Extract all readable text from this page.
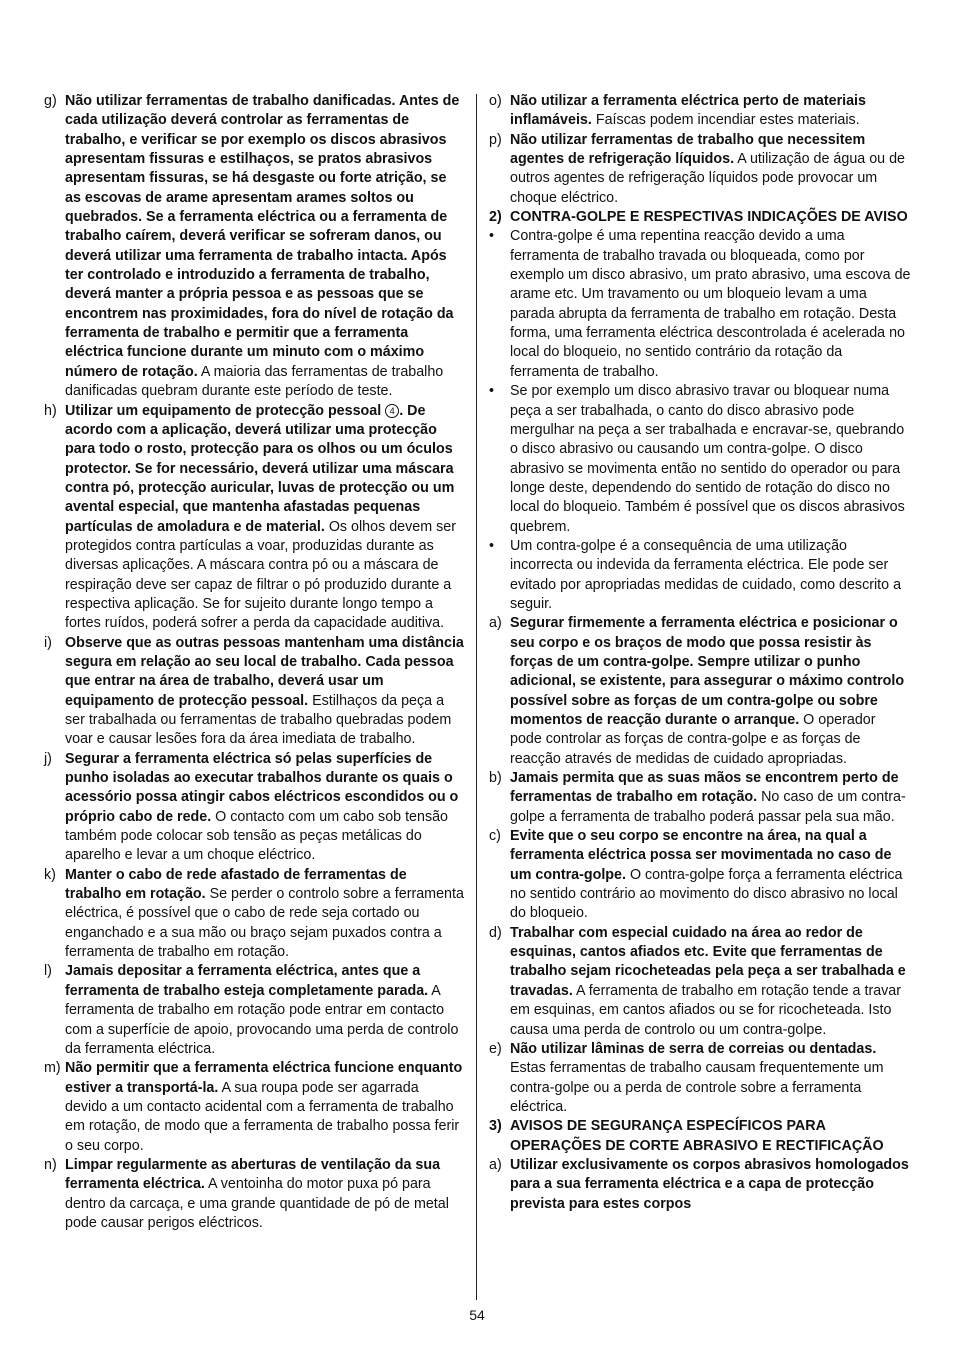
g) Não utilizar ferramentas de trabalho danificadas. Antes de cada utilização deverá controlar as ferramentas de trabalho, e verificar se por exemplo os discos abrasivos apresentam fissuras e estilhaços, se pratos abrasivos apresentam fissuras, se há desgaste ou forte atrição, se as escovas de arame apresentam arames soltos ou quebrados. Se a ferramenta eléctrica ou a ferramenta de trabalho caírem, deverá verificar se sofreram danos, ou deverá utilizar uma ferramenta de trabalho intacta. Após ter controlado e introduzido a ferramenta de trabalho, deverá manter a própria pessoa e as pessoas que se encontrem nas proximidades, fora do nível de rotação da ferramenta de trabalho e permitir que a ferramenta eléctrica funcione durante um minuto com o máximo número de rotação. A maioria das ferramentas de trabalho danificadas quebram durante este período de teste.
h) Utilizar um equipamento de protecção pessoal 4 . De acordo com a aplicação, deverá utilizar uma protecção para todo o rosto, protecção para os olhos ou um óculos protector. Se for necessário, deverá utilizar uma máscara contra pó, protecção auricular, luvas de protecção ou um avental especial, que mantenha afastadas pequenas partículas de amoladura e de material. Os olhos devem ser protegidos contra partículas a voar, produzidas durante as diversas aplicações. A máscara contra pó ou a máscara de respiração deve ser capaz de filtrar o pó produzido durante a respectiva aplicação. Se for sujeito durante longo tempo a fortes ruídos, poderá sofrer a perda da capacidade auditiva.
i) Observe que as outras pessoas mantenham uma distância segura em relação ao seu local de trabalho. Cada pessoa que entrar na área de trabalho, deverá usar um equipamento de protecção pessoal. Estilhaços da peça a ser trabalhada ou ferramentas de trabalho quebradas podem voar e causar lesões fora da área imediata de trabalho.
j) Segurar a ferramenta eléctrica só pelas superfícies de punho isoladas ao executar trabalhos durante os quais o acessório possa atingir cabos eléctricos escondidos ou o próprio cabo de rede. O contacto com um cabo sob tensão também pode colocar sob tensão as peças metálicas do aparelho e levar a um choque eléctrico.
k) Manter o cabo de rede afastado de ferramentas de trabalho em rotação. Se perder o controlo sobre a ferramenta eléctrica, é possível que o cabo de rede seja cortado ou enganchado e a sua mão ou braço sejam puxados contra a ferramenta de trabalho em rotação.
l) Jamais depositar a ferramenta eléctrica, antes que a ferramenta de trabalho esteja completamente parada. A ferramenta de trabalho em rotação pode entrar em contacto com a superfície de apoio, provocando uma perda de controlo da ferramenta eléctrica.
m) Não permitir que a ferramenta eléctrica funcione enquanto estiver a transportá-la. A sua roupa pode ser agarrada devido a um contacto acidental com a ferramenta de trabalho em rotação, de modo que a ferramenta de trabalho possa ferir o seu corpo.
n) Limpar regularmente as aberturas de ventilação da sua ferramenta eléctrica. A ventoinha do motor puxa pó para dentro da carcaça, e uma grande quantidade de pó de metal pode causar perigos eléctricos.
o) Não utilizar a ferramenta eléctrica perto de materiais inflamáveis. Faíscas podem incendiar estes materiais.
p) Não utilizar ferramentas de trabalho que necessitem agentes de refrigeração líquidos. A utilização de água ou de outros agentes de refrigeração líquidos pode provocar um choque eléctrico.
2) CONTRA-GOLPE E RESPECTIVAS INDICAÇÕES DE AVISO
•	Contra-golpe é uma repentina reacção devido a uma ferramenta de trabalho travada ou bloqueada, como por exemplo um disco abrasivo, um prato abrasivo, uma escova de arame etc. Um travamento ou um bloqueio levam a uma parada abrupta da ferramenta de trabalho em rotação. Desta forma, uma ferramenta eléctrica descontrolada é acelerada no local do bloqueio, no sentido contrário da rotação da ferramenta de trabalho.
•	Se por exemplo um disco abrasivo travar ou bloquear numa peça a ser trabalhada, o canto do disco abrasivo pode mergulhar na peça a ser trabalhada e encravar-se, quebrando o disco abrasivo ou causando um contra-golpe. O disco abrasivo se movimenta então no sentido do operador ou para longe deste, dependendo do sentido de rotação do disco no local do bloqueio. Também é possível que os discos abrasivos quebrem.
•	Um contra-golpe é a consequência de uma utilização incorrecta ou indevida da ferramenta eléctrica. Ele pode ser evitado por apropriadas medidas de cuidado, como descrito a seguir.
a) Segurar firmemente a ferramenta eléctrica e posicionar o seu corpo e os braços de modo que possa resistir às forças de um contra-golpe. Sempre utilizar o punho adicional, se existente, para assegurar o máximo controlo possível sobre as forças de um contra-golpe ou sobre momentos de reacção durante o arranque. O operador pode controlar as forças de contra-golpe e as forças de reacção através de medidas de cuidado apropriadas.
b) Jamais permita que as suas mãos se encontrem perto de ferramentas de trabalho em rotação. No caso de um contra-golpe a ferramenta de trabalho poderá passar pela sua mão.
c) Evite que o seu corpo se encontre na área, na qual a ferramenta eléctrica possa ser movimentada no caso de um contra-golpe. O contra-golpe força a ferramenta eléctrica no sentido contrário ao movimento do disco abrasivo no local do bloqueio.
d) Trabalhar com especial cuidado na área ao redor de esquinas, cantos afiados etc. Evite que ferramentas de trabalho sejam ricocheteadas pela peça a ser trabalhada e travadas. A ferramenta de trabalho em rotação tende a travar em esquinas, em cantos afiados ou se for ricocheteada. Isto causa uma perda de controlo ou um contra-golpe.
e) Não utilizar lâminas de serra de correias ou dentadas. Estas ferramentas de trabalho causam frequentemente um contra-golpe ou a perda de controle sobre a ferramenta eléctrica.
3) AVISOS DE SEGURANÇA ESPECÍFICOS PARA OPERAÇÕES DE CORTE ABRASIVO E RECTIFICAÇÃO
a) Utilizar exclusivamente os corpos abrasivos homologados para a sua ferramenta eléctrica e a capa de protecção prevista para estes corpos
54
